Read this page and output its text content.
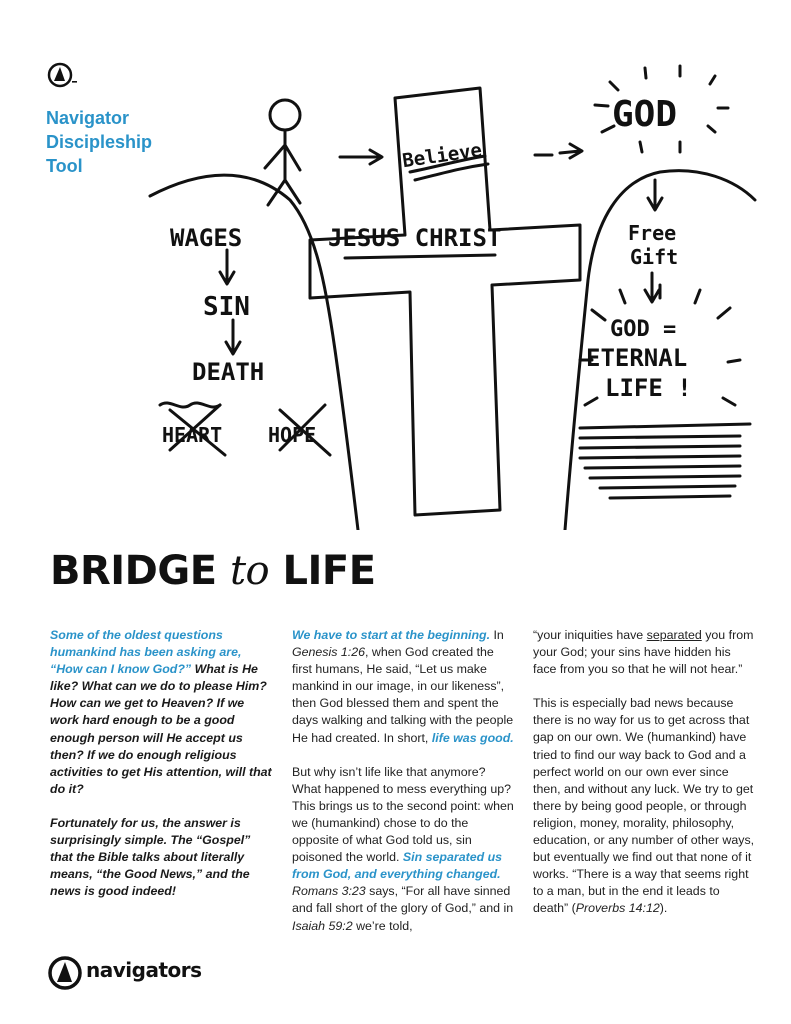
Navigator
Discipleship
Tool	Believe
GOD
JESUS CHRIST
WAGES
SIN
DEATH
HEART HOPE
Free
Gift
GOD =
ETERNAL
LIFE !
BRIDGE to LIFE

Some of the oldest questions humankind has been asking are, “How can I know God?” What is He like? What can we do to please Him? How can we get to Heaven? If we work hard enough to be a good enough person will He accept us then? If we do enough religious activities to get His attention, will that do it?

Fortunately for us, the answer is surprisingly simple. The “Gospel” that the Bible talks about literally means, “the Good News,” and the news is good indeed!

We have to start at the beginning. In Genesis 1:26, when God created the first humans, He said, “Let us make mankind in our image, in our likeness”, then God blessed them and spent the days walking and talking with the people He had created. In short, life was good.

But why isn’t life like that anymore? What happened to mess everything up? This brings us to the second point: when we (humankind) chose to do the opposite of what God told us, sin poisoned the world. Sin separated us from God, and everything changed. Romans 3:23 says, “For all have sinned and fall short of the glory of God,” and in Isaiah 59:2 we’re told,

“your iniquities have separated you from your God; your sins have hidden his face from you so that he will not hear.”

This is especially bad news because there is no way for us to get across that gap on our own. We (humankind) have tried to find our way back to God and a perfect world on our own ever since then, and without any luck. We try to get there by being good people, or through religion, money, morality, philosophy, education, or any number of other ways, but eventually we find out that none of it works. “There is a way that seems right to a man, but in the end it leads to death” (Proverbs 14:12).

navigators
